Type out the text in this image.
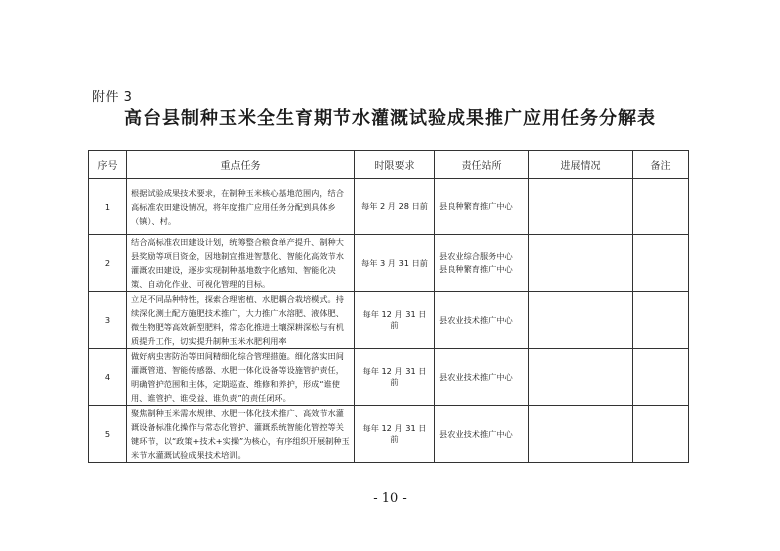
附件 3
高台县制种玉米全生育期节水灌溉试验成果推广应用任务分解表
序号	重点任务	时限要求	责任站所	进展情况	备注
1	根据试验成果技术要求，在制种玉米核心基地范围内，结合高标准农田建设情况，将年度推广应用任务分配到具体乡（镇）、村。	每年 2 月 28 日前	县良种繁育推广中心		

2	结合高标准农田建设计划，统筹整合粮食单产提升、制种大县奖励等项目资金，因地制宜推进智慧化、智能化高效节水灌溉农田建设，逐步实现制种基地数字化感知、智能化决策、自动化作业、可视化管理的目标。	每年 3 月 31 日前	县农业综合服务中心
县良种繁育推广中心		

3	立足不同品种特性，探索合理密植、水肥耦合栽培模式。持续深化测土配方施肥技术推广，大力推广水溶肥、液体肥、微生物肥等高效新型肥料，常态化推进土壤深耕深松与有机质提升工作，切实提升制种玉米水肥利用率	每年 12 月 31 日前	县农业技术推广中心		

4	做好病虫害防治等田间精细化综合管理措施。细化落实田间灌溉管道、智能传感器、水肥一体化设备等设施管护责任，明确管护范围和主体，定期巡查、维修和养护，形成“谁使用、谁管护、谁受益、谁负责”的责任闭环。	每年 12 月 31 日前	县农业技术推广中心		

5	聚焦制种玉米需水规律、水肥一体化技术推广、高效节水灌溉设备标准化操作与常态化管护、灌溉系统智能化管控等关键环节，以“政策+技术+实操”为核心，有序组织开展制种玉米节水灌溉试验成果技术培训。	每年 12 月 31 日前	县农业技术推广中心		

- 10 -
